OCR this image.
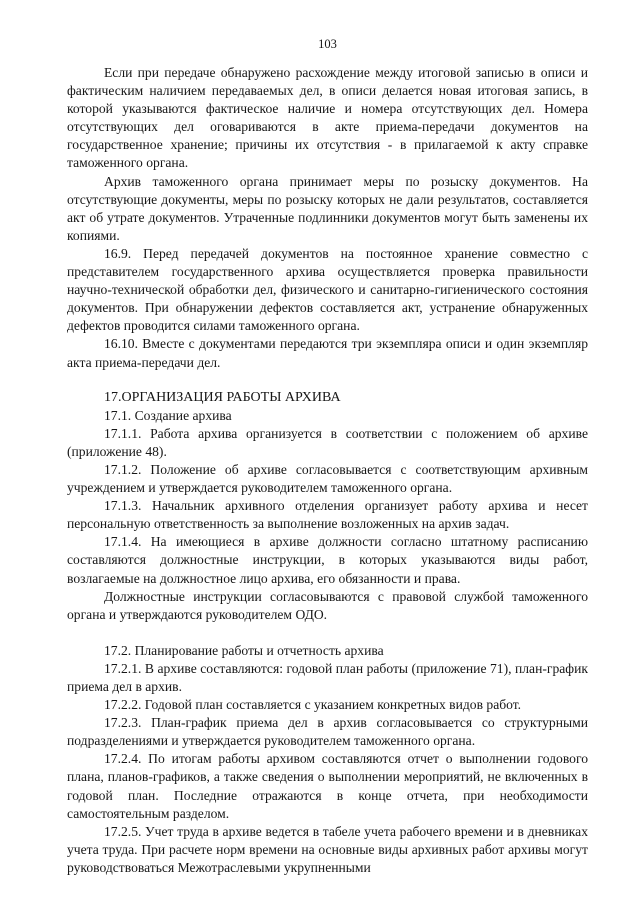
103

Если при передаче обнаружено расхождение между итоговой записью в описи и фактическим наличием передаваемых дел, в описи делается новая итоговая запись, в которой указываются фактическое наличие и номера отсутствующих дел. Номера отсутствующих дел оговариваются в акте приема-передачи документов на государственное хранение; причины их отсутствия - в прилагаемой к акту справке таможенного органа.

Архив таможенного органа принимает меры по розыску документов. На отсутствующие документы, меры по розыску которых не дали результатов, составляется акт об утрате документов. Утраченные подлинники документов могут быть заменены их копиями.

16.9. Перед передачей документов на постоянное хранение совместно с представителем государственного архива осуществляется проверка правильности научно-технической обработки дел, физического и санитарно-гигиенического состояния документов. При обнаружении дефектов составляется акт, устранение обнаруженных дефектов проводится силами таможенного органа.

16.10. Вместе с документами передаются три экземпляра описи и один экземпляр акта приема-передачи дел.

17.ОРГАНИЗАЦИЯ РАБОТЫ АРХИВА

17.1. Создание архива

17.1.1. Работа архива организуется в соответствии с положением об архиве (приложение 48).

17.1.2. Положение об архиве согласовывается с соответствующим архивным учреждением и утверждается руководителем таможенного органа.

17.1.3. Начальник архивного отделения организует работу архива и несет персональную ответственность за выполнение возложенных на архив задач.

17.1.4. На имеющиеся в архиве должности согласно штатному расписанию составляются должностные инструкции, в которых указываются виды работ, возлагаемые на должностное лицо архива, его обязанности и права.

Должностные инструкции согласовываются с правовой службой таможенного органа и утверждаются руководителем ОДО.

17.2. Планирование работы и отчетность архива

17.2.1. В архиве составляются: годовой план работы (приложение 71), план-график приема дел в архив.

17.2.2. Годовой план составляется с указанием конкретных видов работ.

17.2.3. План-график приема дел в архив согласовывается со структурными подразделениями и утверждается руководителем таможенного органа.

17.2.4. По итогам работы архивом составляются отчет о выполнении годового плана, планов-графиков, а также сведения о выполнении мероприятий, не включенных в годовой план. Последние отражаются в конце отчета, при необходимости самостоятельным разделом.

17.2.5. Учет труда в архиве ведется в табеле учета рабочего времени и в дневниках учета труда. При расчете норм времени на основные виды архивных работ архивы могут руководствоваться Межотраслевыми укрупненными
